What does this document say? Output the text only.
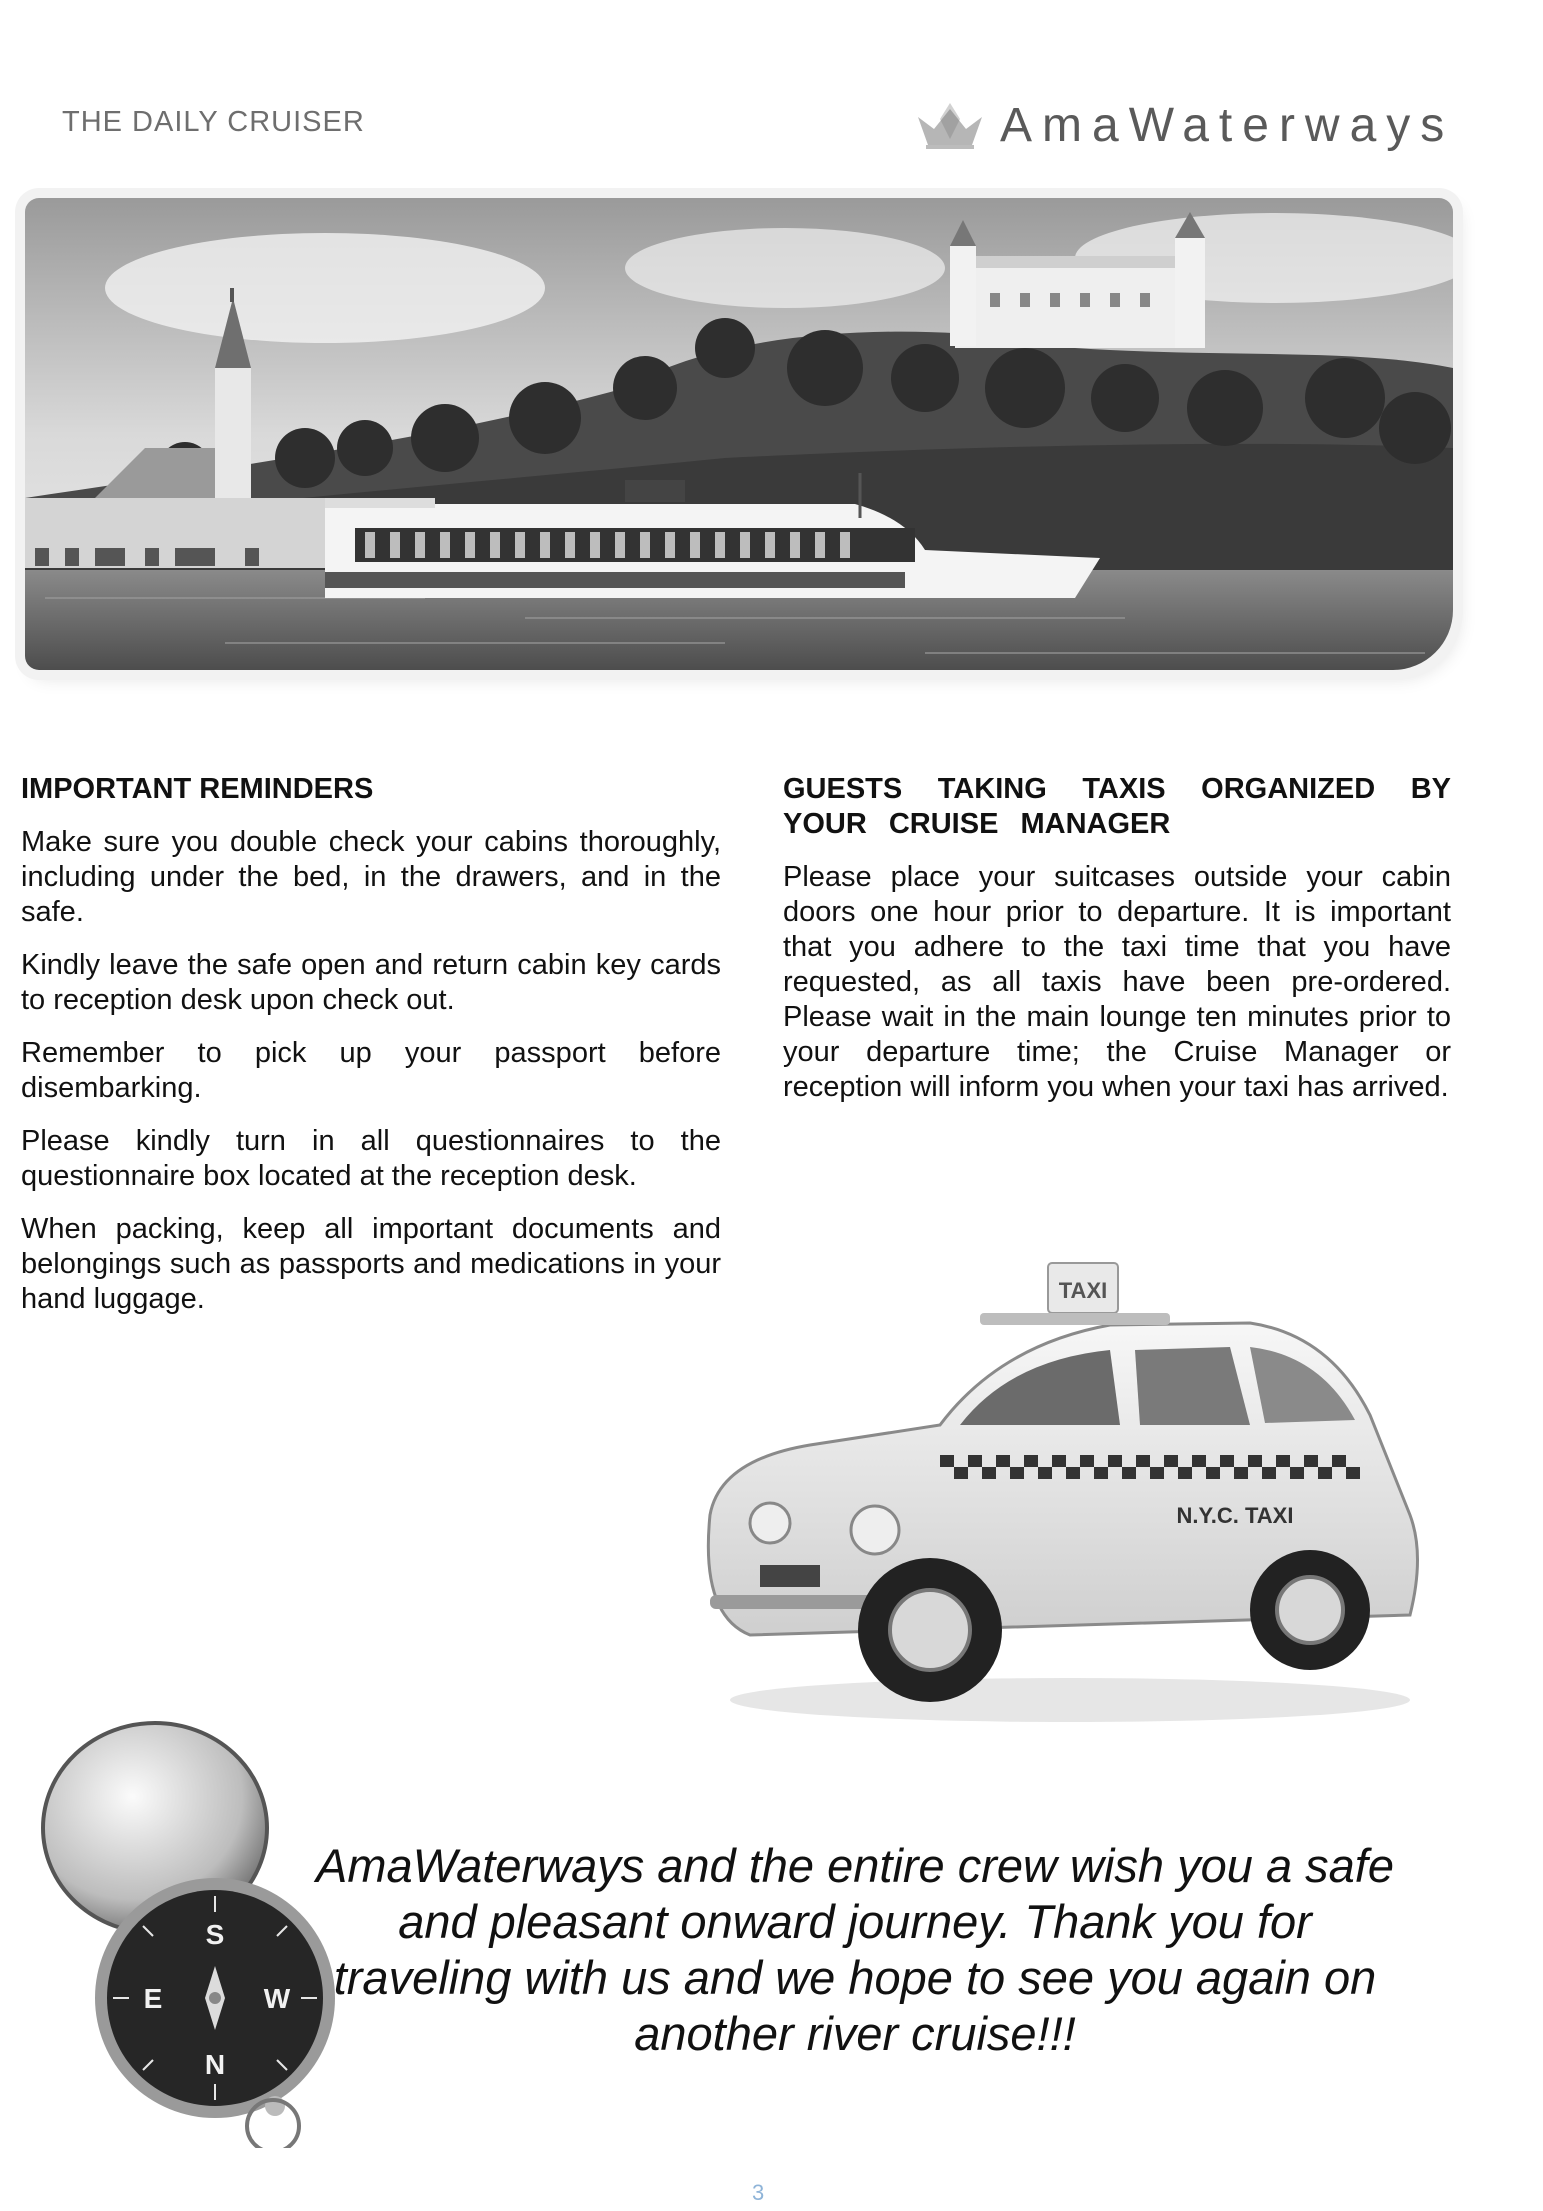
THE DAILY CRUISER	AmaWaterways
IMPORTANT REMINDERS

Make sure you double check your cabins thoroughly, including under the bed, in the drawers, and in the safe.

Kindly leave the safe open and return cabin key cards to reception desk upon check out.

Remember to pick up your passport before disembarking.

Please kindly turn in all questionnaires to the questionnaire box located at the reception desk.

When packing, keep all important documents and belongings such as passports and medications in your hand luggage.

GUESTS TAKING TAXIS ORGANIZED BY YOUR CRUISE MANAGER

Please place your suitcases outside your cabin doors one hour prior to departure. It is important that you adhere to the taxi time that you have requested, as all taxis have been pre-ordered. Please wait in the main lounge ten minutes prior to your departure time; the Cruise Manager or reception will inform you when your taxi has arrived.

TAXI
N.Y.C. TAXI
S
N
E	W
AmaWaterways and the entire crew wish you a safe and pleasant onward journey. Thank you for traveling with us and we hope to see you again on another river cruise!!!
3
